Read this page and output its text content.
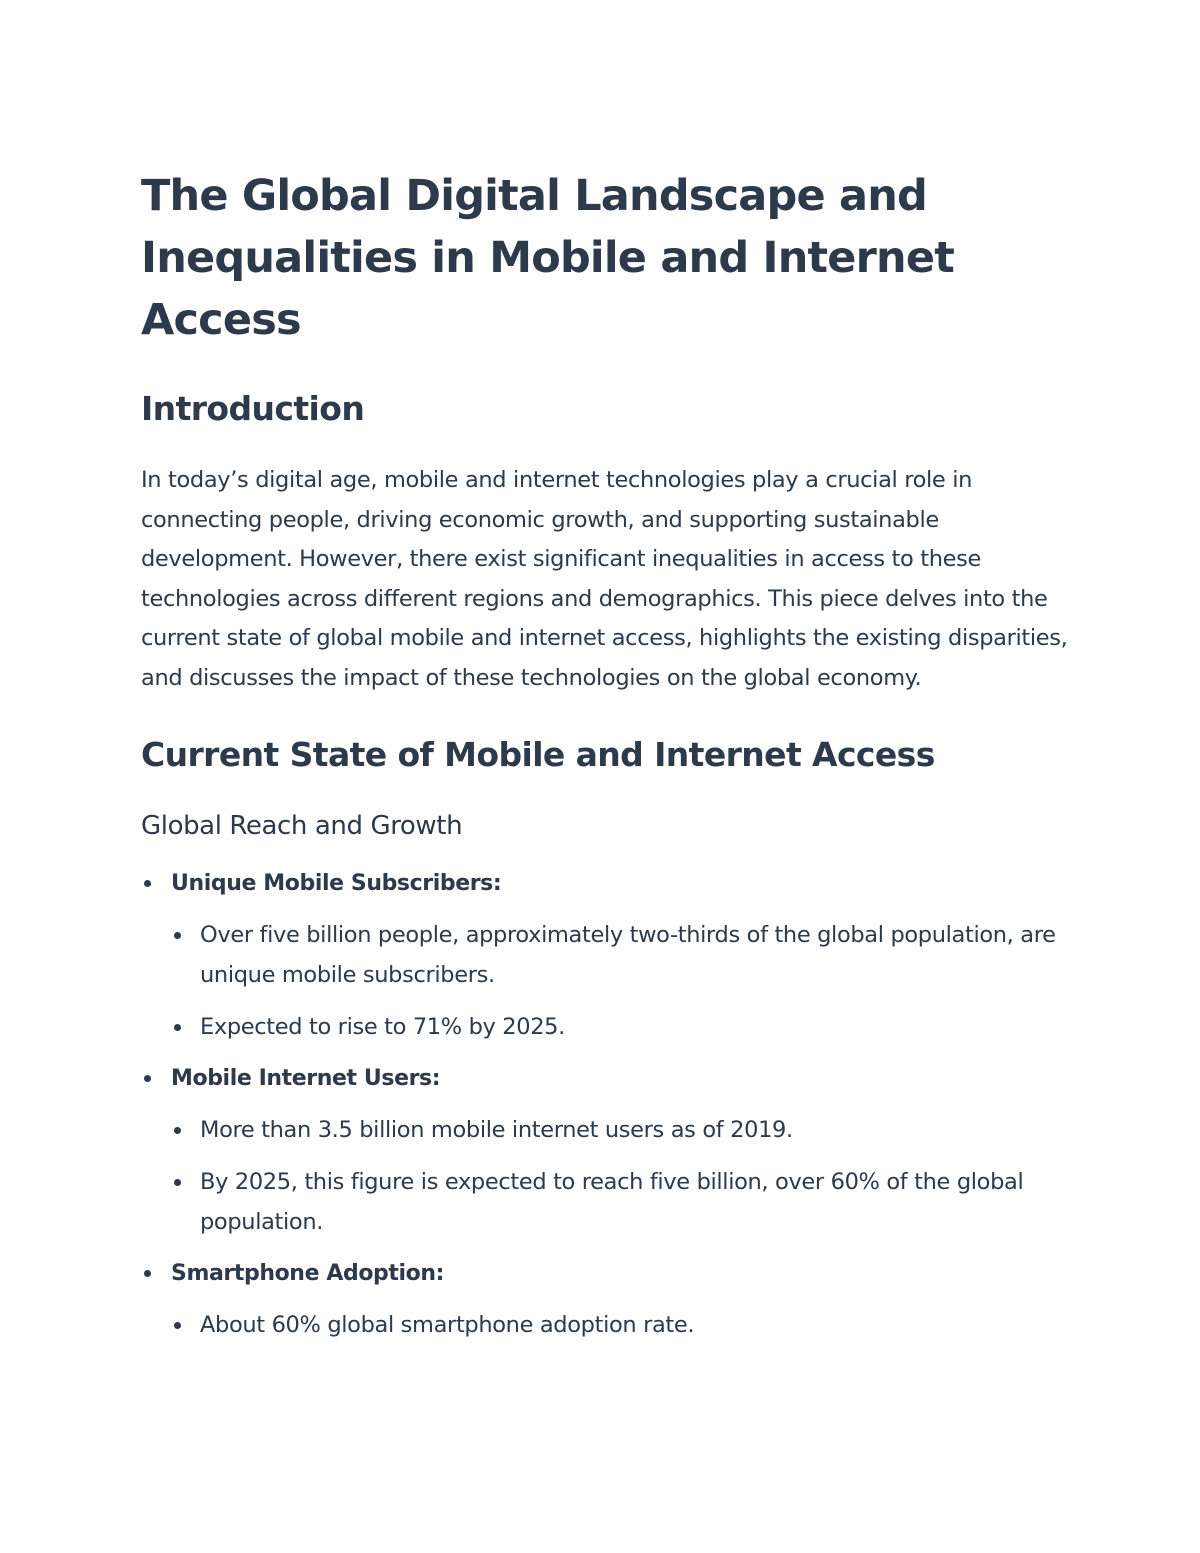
The Global Digital Landscape and Inequalities in Mobile and Internet Access
Introduction

In today’s digital age, mobile and internet technologies play a crucial role in connecting people, driving economic growth, and supporting sustainable development. However, there exist significant inequalities in access to these technologies across different regions and demographics. This piece delves into the current state of global mobile and internet access, highlights the existing disparities, and discusses the impact of these technologies on the global economy.

Current State of Mobile and Internet Access
Global Reach and Growth
Unique Mobile Subscribers:
Over five billion people, approximately two-thirds of the global population, are unique mobile subscribers.
Expected to rise to 71% by 2025.
Mobile Internet Users:
More than 3.5 billion mobile internet users as of 2019.
By 2025, this figure is expected to reach five billion, over 60% of the global population.
Smartphone Adoption:
About 60% global smartphone adoption rate.
